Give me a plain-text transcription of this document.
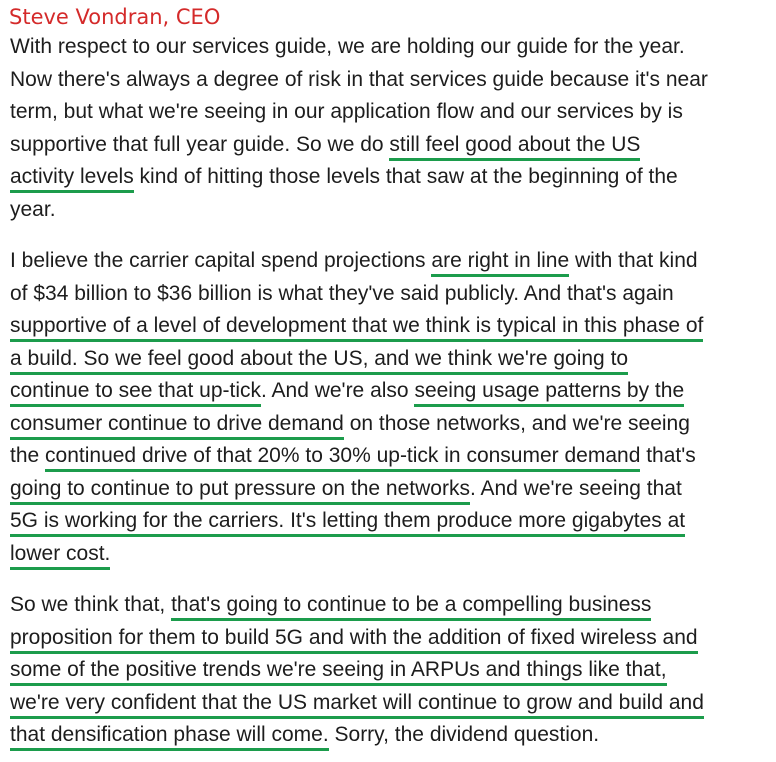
Steve Vondran, CEO
With respect to our services guide, we are holding our guide for the year.
Now there's always a degree of risk in that services guide because it's near
term, but what we're seeing in our application flow and our services by is
supportive that full year guide. So we do still feel good about the US
activity levels kind of hitting those levels that saw at the beginning of the
year.
I believe the carrier capital spend projections are right in line with that kind
of $34 billion to $36 billion is what they've said publicly. And that's again
supportive of a level of development that we think is typical in this phase of
a build. So we feel good about the US, and we think we're going to
continue to see that up-tick. And we're also seeing usage patterns by the
consumer continue to drive demand on those networks, and we're seeing
the continued drive of that 20% to 30% up-tick in consumer demand that's
going to continue to put pressure on the networks. And we're seeing that
5G is working for the carriers. It's letting them produce more gigabytes at
lower cost.
So we think that, that's going to continue to be a compelling business
proposition for them to build 5G and with the addition of fixed wireless and
some of the positive trends we're seeing in ARPUs and things like that,
we're very confident that the US market will continue to grow and build and
that densification phase will come. Sorry, the dividend question.
